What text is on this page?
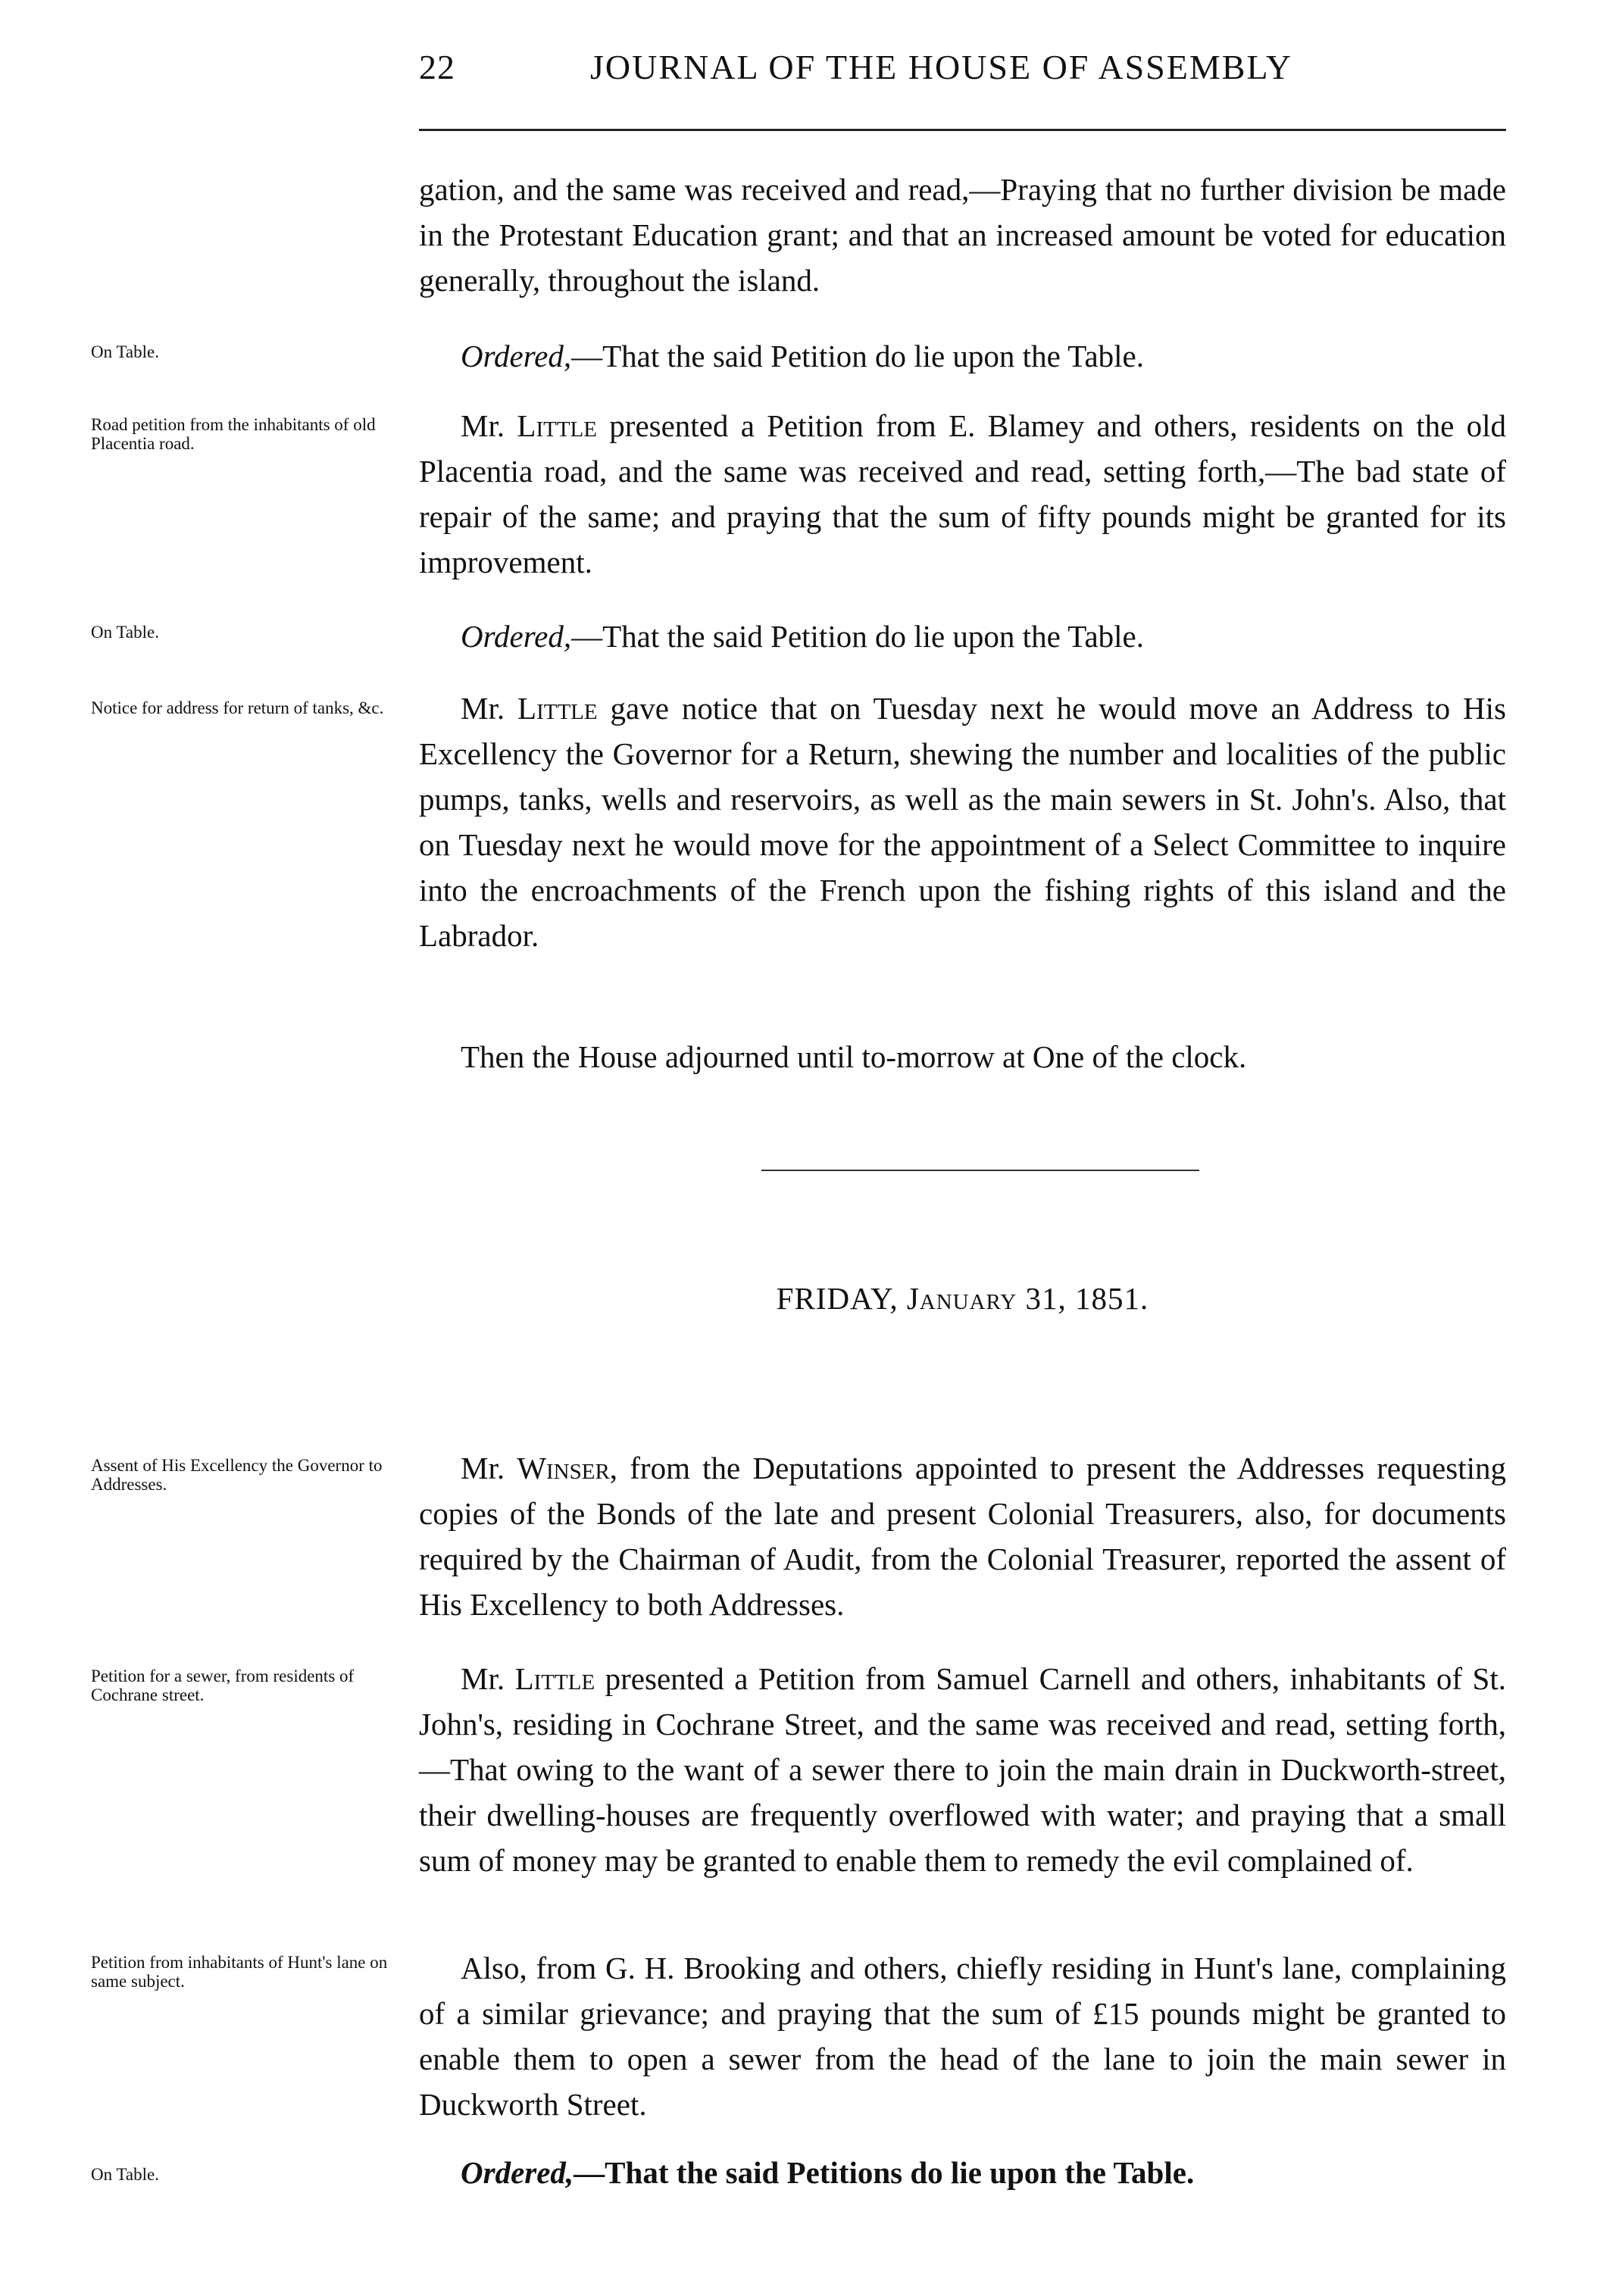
22	JOURNAL OF THE HOUSE OF ASSEMBLY
gation, and the same was received and read,—Praying that no further division be made in the Protestant Education grant; and that an increased amount be voted for education generally, throughout the island.
On Table.	Ordered,—That the said Petition do lie upon the Table.
Road petition from the inhabitants of old Placentia road.
Mr. Little presented a Petition from E. Blamey and others, residents on the old Placentia road, and the same was received and read, setting forth,—The bad state of repair of the same; and praying that the sum of fifty pounds might be granted for its improvement.
On Table.	Ordered,—That the said Petition do lie upon the Table.
Notice for address for return of tanks, &c.	Mr. Little gave notice that on Tuesday next he would move an Address to His Excellency the Governor for a Return, shewing the number and localities of the public pumps, tanks, wells and reservoirs, as well as the main sewers in St. John's. Also, that on Tuesday next he would move for the appointment of a Select Committee to inquire into the encroachments of the French upon the fishing rights of this island and the Labrador.
Then the House adjourned until to-morrow at One of the clock.
FRIDAY, January 31, 1851.
Assent of His Excellency the Governor to Addresses.	Mr. Winser, from the Deputations appointed to present the Addresses requesting copies of the Bonds of the late and present Colonial Treasurers, also, for documents required by the Chairman of Audit, from the Colonial Treasurer, reported the assent of His Excellency to both Addresses.
Petition for a sewer, from residents of Cochrane street.	Mr. Little presented a Petition from Samuel Carnell and others, inhabitants of St. John's, residing in Cochrane Street, and the same was received and read, setting forth,—That owing to the want of a sewer there to join the main drain in Duckworth-street, their dwelling-houses are frequently overflowed with water; and praying that a small sum of money may be granted to enable them to remedy the evil complained of.
Petition from inhabitants of Hunt's lane on same subject.	Also, from G. H. Brooking and others, chiefly residing in Hunt's lane, complaining of a similar grievance; and praying that the sum of £15 pounds might be granted to enable them to open a sewer from the head of the lane to join the main sewer in Duckworth Street.
On Table.	Ordered,—That the said Petitions do lie upon the Table.
